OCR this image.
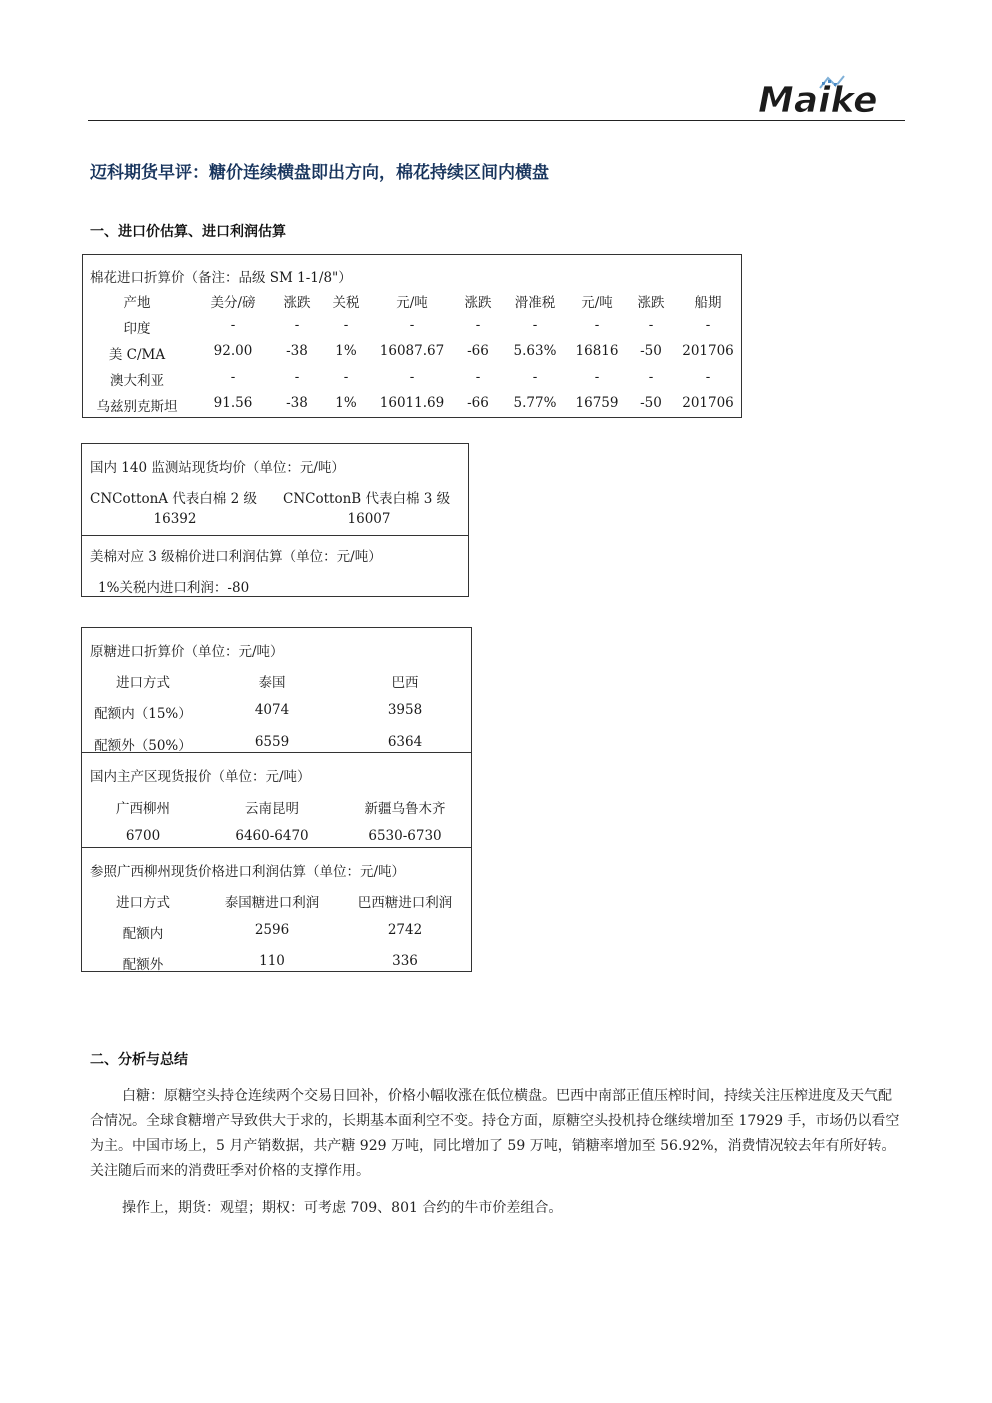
Maike
迈科期货早评：糖价连续横盘即出方向，棉花持续区间内横盘
一、进口价估算、进口利润估算
棉花进口折算价（备注：品级 SM 1-1/8"）
产地	美分/磅 涨跌 关税	元/吨	涨跌 滑准税 元/吨 涨跌 船期
印度	-	-	-	-	-	-	-	-	-
美 C/MA	92.00	-38 1% 16087.67 -66 5.63% 16816 -50 201706
澳大利亚	-	-	-	-	-	-	-	-	-
乌兹别克斯坦	91.56	-38 1% 16011.69 -66 5.77% 16759 -50 201706
国内 140 监测站现货均价（单位：元/吨）
CNCottonA 代表白棉 2 级 CNCottonB 代表白棉 3 级
16392	16007
美棉对应 3 级棉价进口利润估算（单位：元/吨）
1%关税内进口利润：-80
原糖进口折算价（单位：元/吨）
进口方式	泰国	巴西
配额内（15%）	4074	3958
配额外（50%）	6559	6364
国内主产区现货报价（单位：元/吨）
广西柳州	云南昆明	新疆乌鲁木齐
6700	6460-6470	6530-6730
参照广西柳州现货价格进口利润估算（单位：元/吨）
进口方式	泰国糖进口利润	巴西糖进口利润
配额内	2596	2742
配额外	110	336
二、分析与总结

白糖：原糖空头持仓连续两个交易日回补，价格小幅收涨在低位横盘。巴西中南部正值压榨时间，持续关注压榨进度及天气配合情况。全球食糖增产导致供大于求的，长期基本面利空不变。持仓方面，原糖空头投机持仓继续增加至 17929 手，市场仍以看空为主。中国市场上，5 月产销数据，共产糖 929 万吨，同比增加了 59 万吨，销糖率增加至 56.92%，消费情况较去年有所好转。关注随后而来的消费旺季对价格的支撑作用。

操作上，期货：观望；期权：可考虑 709、801 合约的牛市价差组合。
